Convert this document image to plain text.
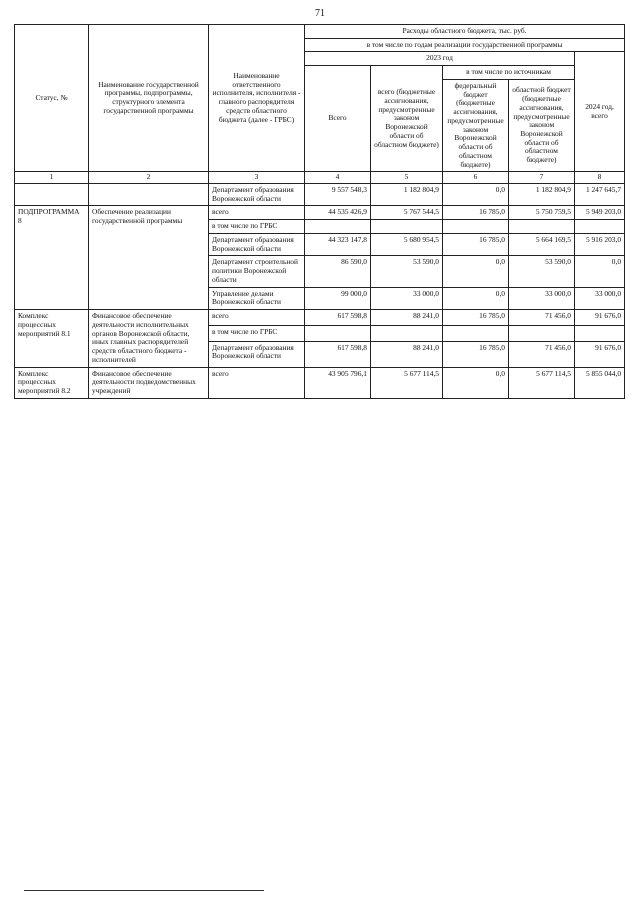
71
Статус, №	Наименование государственной программы, подпрограммы, структурного элемента государственной программы	Наименование ответственного исполнителя, исполнителя - главного распорядителя средств областного бюджета (далее - ГРБС)	Расходы областного бюджета, тыс. руб.				
			в том числе по годам реализации государственной программы				
			2023 год				2024 год, всего
			Всего	всего (бюджетные ассигнования, предусмотренные законом Воронежской области об областном бюджете)	в том числе по источникам		
					федеральный бюджет (бюджетные ассигнования, предусмотренные законом Воронежской области об областном бюджете)	областной бюджет (бюджетные ассигнования, предусмотренные законом Воронежской области об областном бюджете)	
1	2	3	4	5	6	7	8
		Департамент образования Воронежской области	9 557 548,3	1 182 804,9	0,0	1 182 804,9	1 247 645,7
ПОДПРОГРАММА 8	Обеспечение реализации государственной программы	всего	44 535 426,9	5 767 544,5	16 785,0	5 750 759,5	5 949 203,0
		в том числе по ГРБС					
		Департамент образования Воронежской области	44 323 147,8	5 680 954,5	16 785,0	5 664 169,5	5 916 203,0
		Департамент строительной политики Воронежской области	86 590,0	53 590,0	0,0	53 590,0	0,0
		Управление делами Воронежской области	99 000,0	33 000,0	0,0	33 000,0	33 000,0
Комплекс процессных мероприятий 8.1	Финансовое обеспечение деятельности исполнительных органов Воронежской области, иных главных распорядителей средств областного бюджета - исполнителей	всего	617 598,8	88 241,0	16 785,0	71 456,0	91 676,0
		в том числе по ГРБС					
		Департамент образования Воронежской области	617 598,8	88 241,0	16 785,0	71 456,0	91 676,0
Комплекс процессных мероприятий 8.2	Финансовое обеспечение деятельности подведомственных учреждений	всего	43 905 796,1	5 677 114,5	0,0	5 677 114,5	5 855 044,0
